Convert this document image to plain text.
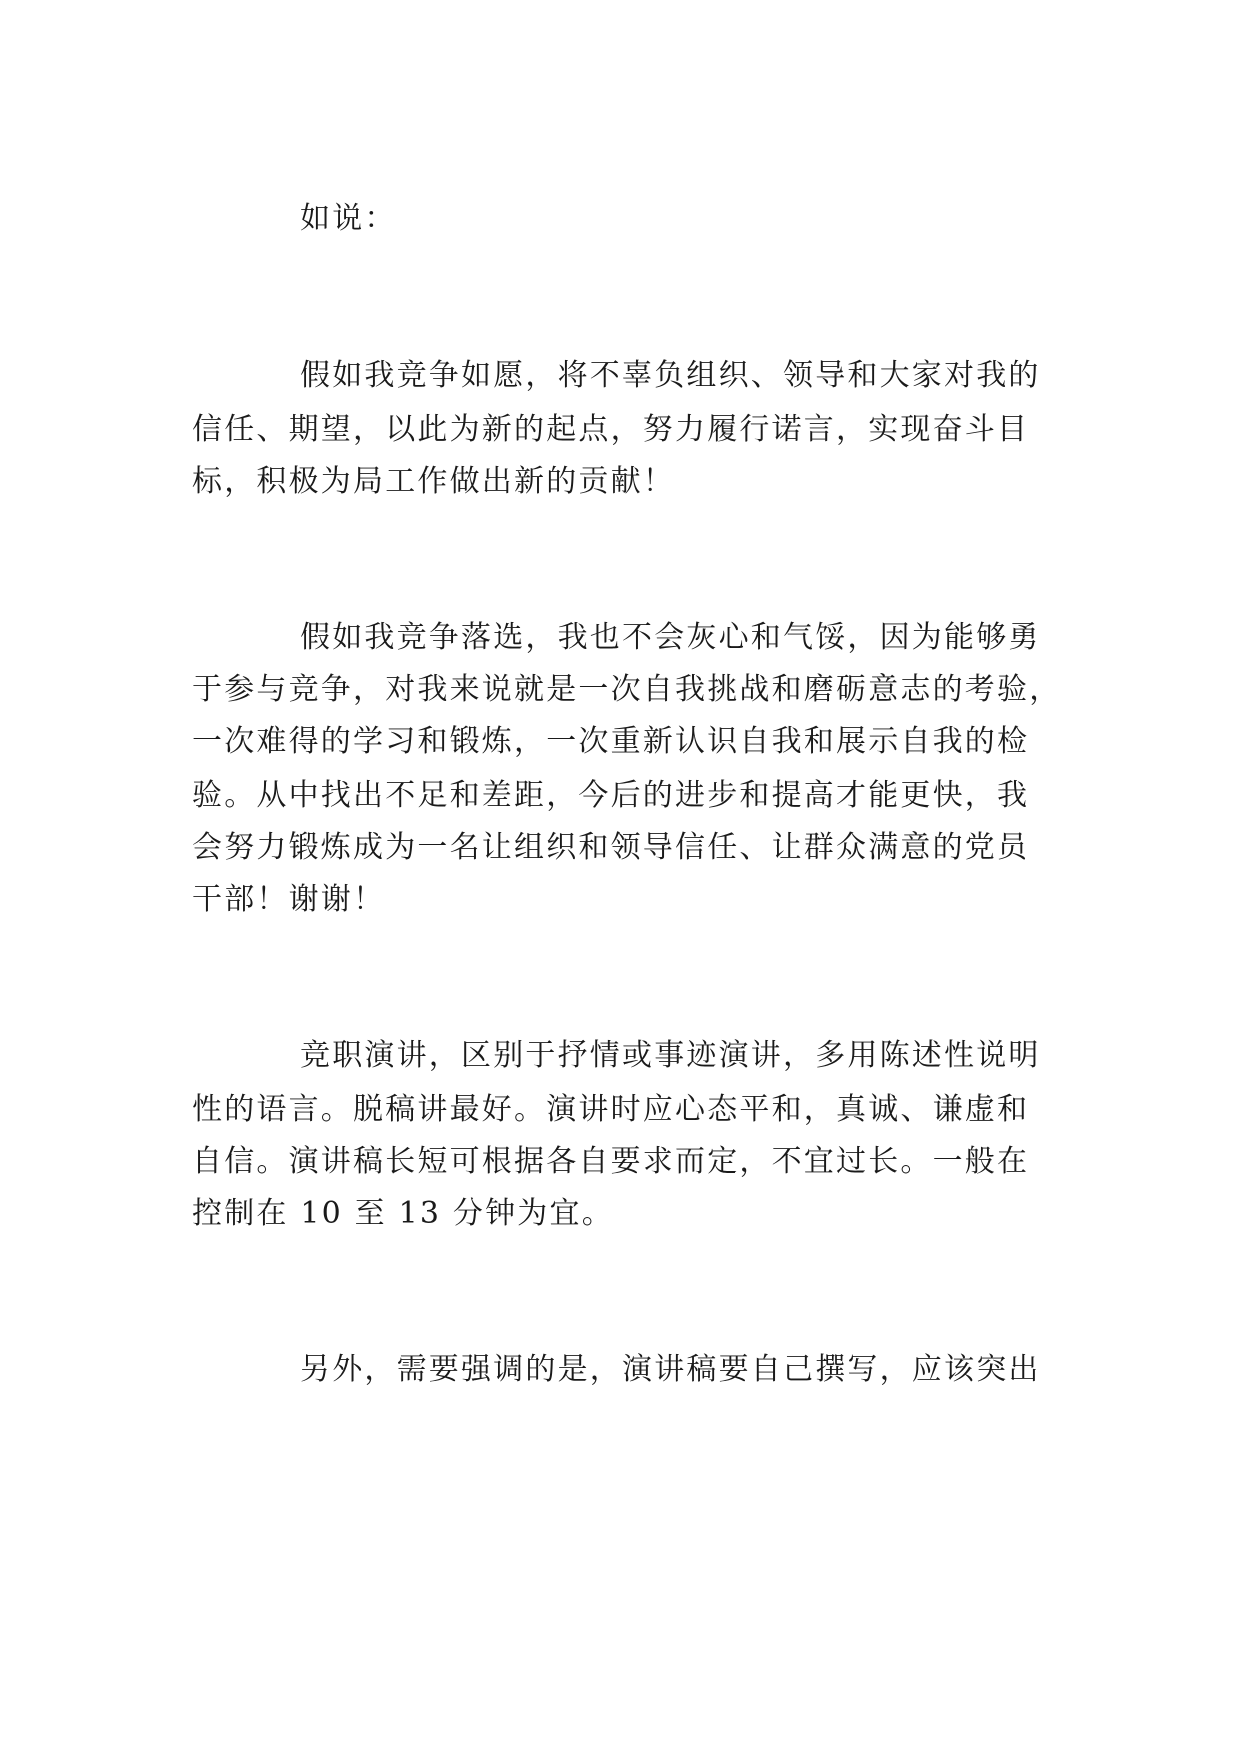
如说：
假如我竞争如愿，将不辜负组织、领导和大家对我的
信任、期望，以此为新的起点，努力履行诺言，实现奋斗目
标，积极为局工作做出新的贡献！
假如我竞争落选，我也不会灰心和气馁，因为能够勇
于参与竞争，对我来说就是一次自我挑战和磨砺意志的考验，
一次难得的学习和锻炼，一次重新认识自我和展示自我的检
验。从中找出不足和差距，今后的进步和提高才能更快，我
会努力锻炼成为一名让组织和领导信任、让群众满意的党员
干部！谢谢！
竞职演讲，区别于抒情或事迹演讲，多用陈述性说明
性的语言。脱稿讲最好。演讲时应心态平和，真诚、谦虚和
自信。演讲稿长短可根据各自要求而定，不宜过长。一般在
控制在 10 至 13 分钟为宜。
另外，需要强调的是，演讲稿要自己撰写，应该突出
